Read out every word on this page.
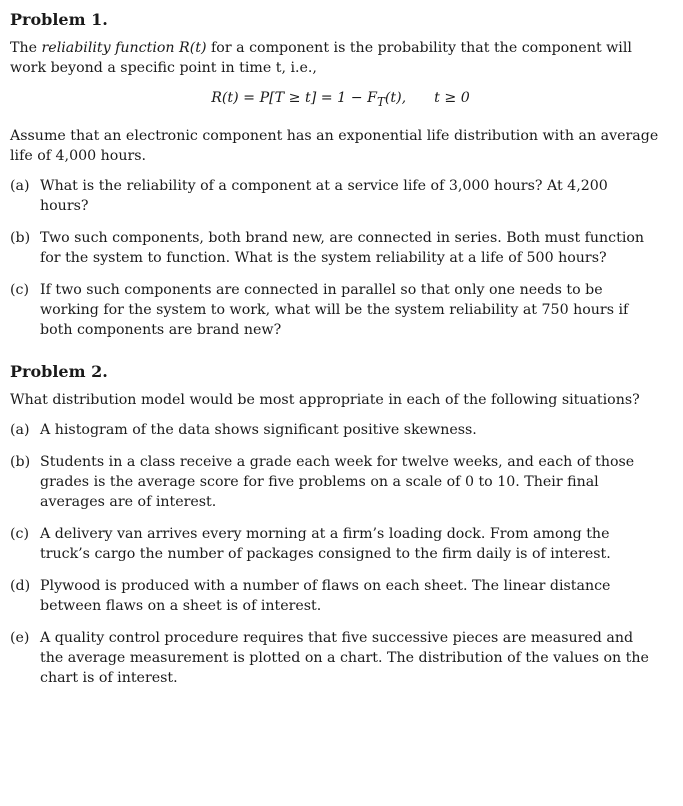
Problem 1.

The reliability function R(t) for a component is the probability that the component will work beyond a specific point in time t, i.e.,

$R(t) = P[T \ge t] = 1 - F_T(t)$, t ≥ 0

Assume that an electronic component has an exponential life distribution with an average life of 4,000 hours.

(a) What is the reliability of a component at a service life of 3,000 hours? At 4,200 hours?
(b) Two such components, both brand new, are connected in series. Both must function for the system to function. What is the system reliability at a life of 500 hours?
(c) If two such components are connected in parallel so that only one needs to be working for the system to work, what will be the system reliability at 750 hours if both components are brand new?
Problem 2.

What distribution model would be most appropriate in each of the following situations?

(a) A histogram of the data shows significant positive skewness.
(b) Students in a class receive a grade each week for twelve weeks, and each of those grades is the average score for five problems on a scale of 0 to 10. Their final averages are of interest.
(c) A delivery van arrives every morning at a firm’s loading dock. From among the truck’s cargo the number of packages consigned to the firm daily is of interest.
(d) Plywood is produced with a number of flaws on each sheet. The linear distance between flaws on a sheet is of interest.
(e) A quality control procedure requires that five successive pieces are measured and the average measurement is plotted on a chart. The distribution of the values on the chart is of interest.
